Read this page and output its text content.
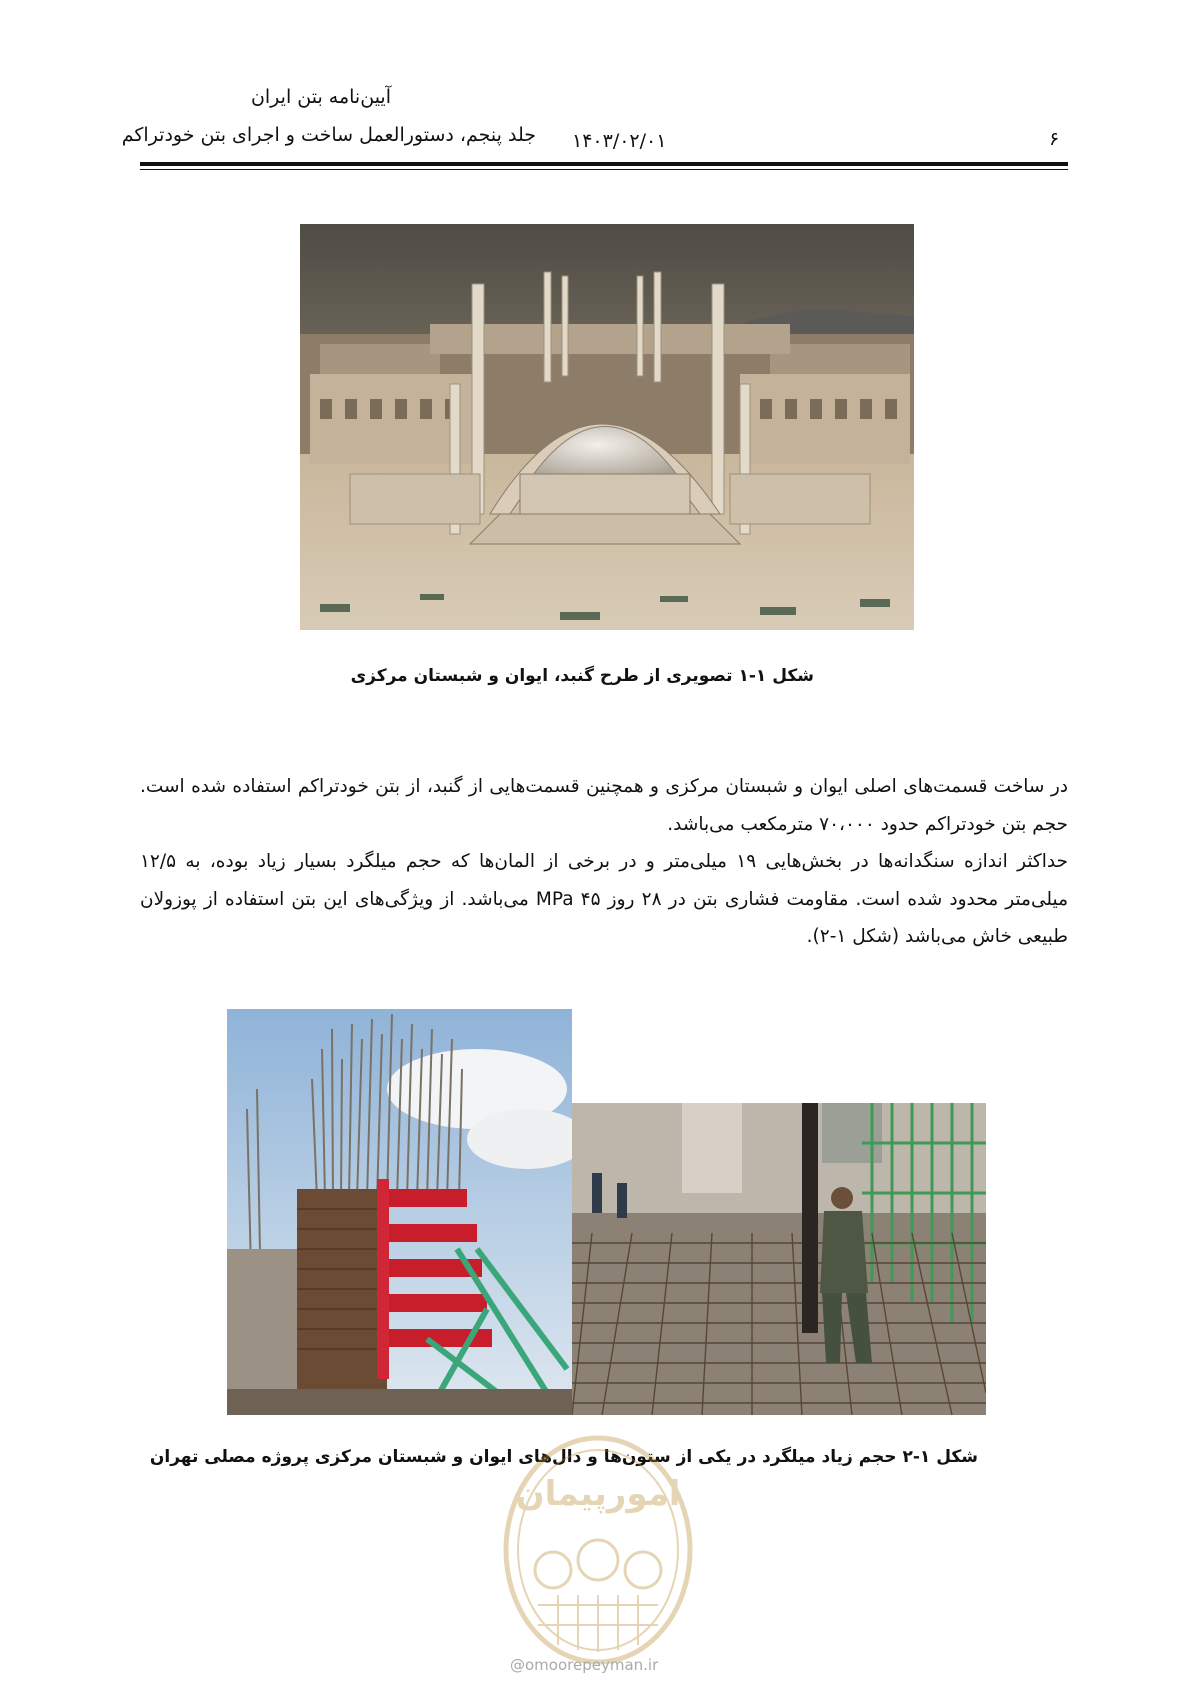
آیین‌نامه بتن ایران
جلد پنجم، دستورالعمل ساخت و اجرای بتن خودتراکم ۱۴۰۳/۰۲/۰۱	۶
شکل ۱-۱ تصویری از طرح گنبد، ایوان و شبستان مرکزی

در ساخت قسمت‌های اصلی ایوان و شبستان مرکزی و همچنین قسمت‌هایی از گنبد، از بتن خودتراکم استفاده شده است. حجم بتن خودتراکم حدود ۷۰،۰۰۰ مترمکعب می‌باشد.

حداکثر اندازه سنگدانه‌ها در بخش‌هایی ۱۹ میلی‌متر و در برخی از المان‌ها که حجم میلگرد بسیار زیاد بوده، به ۱۲/۵ میلی‌متر محدود شده است. مقاومت فشاری بتن در ۲۸ روز MPa ۴۵ می‌باشد. از ویژگی‌های این بتن استفاده از پوزولان طبیعی خاش می‌باشد (شکل ۱-۲).

شکل ۱-۲ حجم زیاد میلگرد در یکی از ستون‌ها و دال‌های ایوان و شبستان مرکزی پروژه مصلی تهران
امورپیمان
@omoorepeyman.ir
